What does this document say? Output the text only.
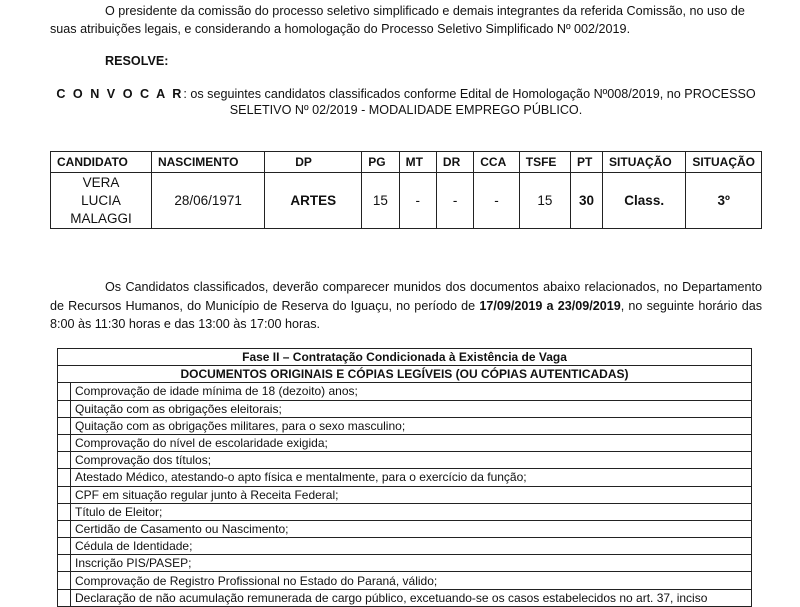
O presidente da comissão do processo seletivo simplificado e demais integrantes da referida Comissão, no uso de suas atribuições legais, e considerando a homologação do Processo Seletivo Simplificado Nº 002/2019.

RESOLVE:

C O N V O C A R: os seguintes candidatos classificados conforme Edital de Homologação Nº008/2019, no PROCESSO SELETIVO Nº 02/2019 - MODALIDADE EMPREGO PÚBLICO.

CANDIDATO	NASCIMENTO	DP	PG	MT	DR	CCA	TSFE	PT	SITUAÇÃO	SITUAÇÃO

VERA
LUCIA
MALAGGI	28/06/1971	ARTES	15	-	-	-	15	30	Class.	3º

Os Candidatos classificados, deverão comparecer munidos dos documentos abaixo relacionados, no Departamento de Recursos Humanos, do Município de Reserva do Iguaçu, no período de 17/09/2019 a 23/09/2019, no seguinte horário das 8:00 às 11:30 horas e das 13:00 às 17:00 horas.

Fase II – Contratação Condicionada à Existência de Vaga	
DOCUMENTOS ORIGINAIS E CÓPIAS LEGÍVEIS (OU CÓPIAS AUTENTICADAS)	
	Comprovação de idade mínima de 18 (dezoito) anos;
	Quitação com as obrigações eleitorais;
	Quitação com as obrigações militares, para o sexo masculino;
	Comprovação do nível de escolaridade exigida;
	Comprovação dos títulos;
	Atestado Médico, atestando-o apto física e mentalmente, para o exercício da função;
	CPF em situação regular junto à Receita Federal;
	Título de Eleitor;
	Certidão de Casamento ou Nascimento;
	Cédula de Identidade;
	Inscrição PIS/PASEP;
	Comprovação de Registro Profissional no Estado do Paraná, válido;
	Declaração de não acumulação remunerada de cargo público, excetuando-se os casos estabelecidos no art. 37, inciso
